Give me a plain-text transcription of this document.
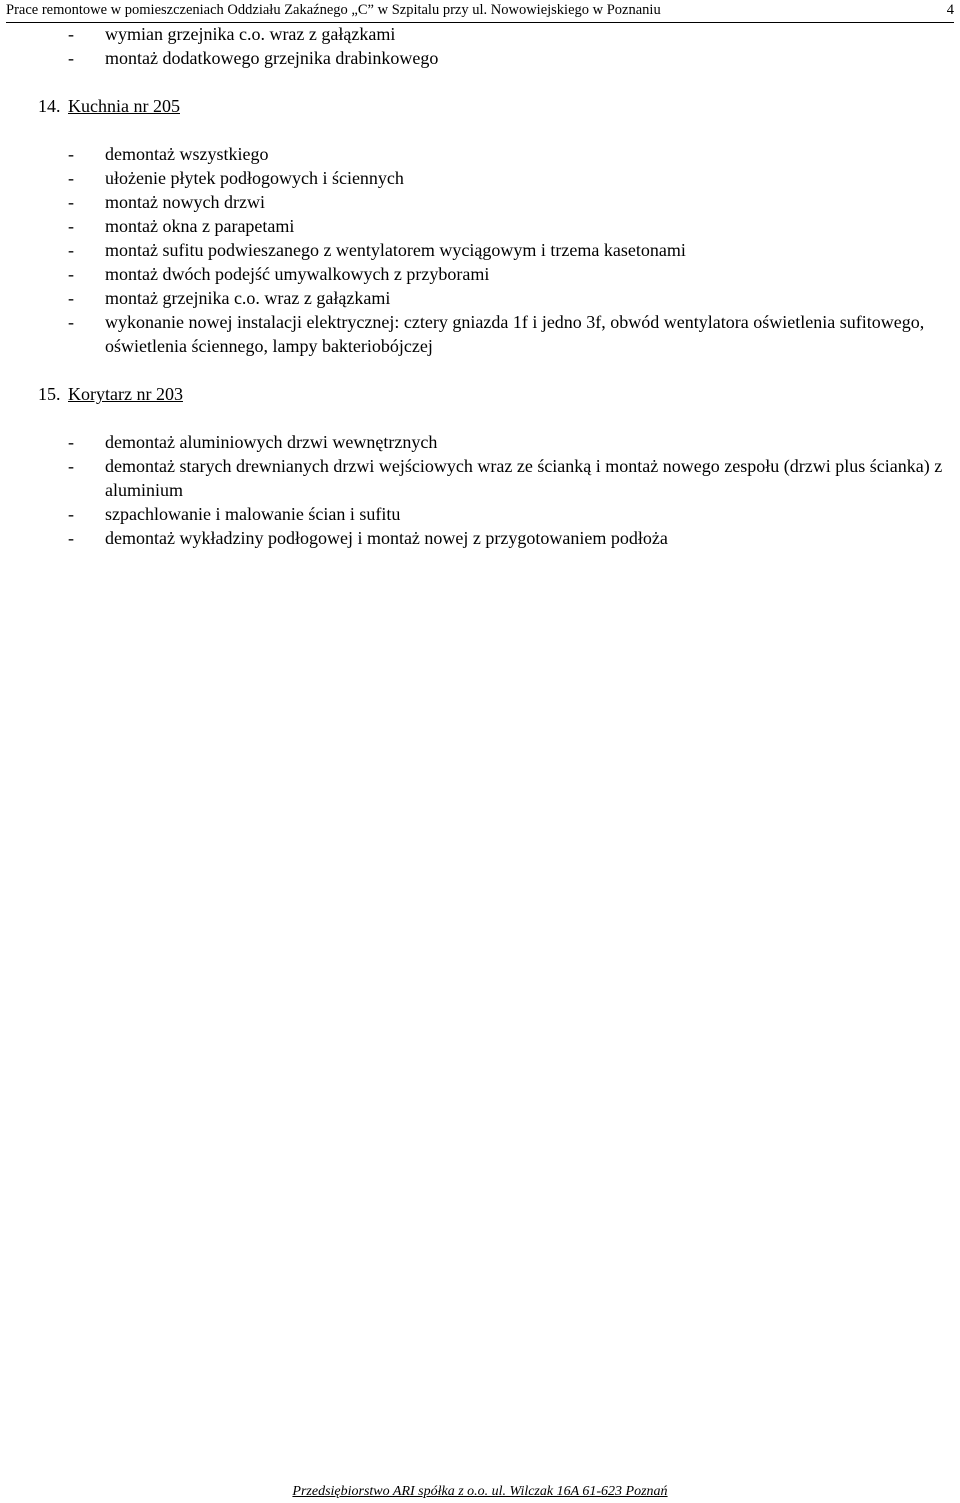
Prace remontowe w pomieszczeniach Oddziału Zakaźnego „C” w Szpitalu przy ul. Nowowiejskiego w Poznaniu	4
- wymian grzejnika c.o. wraz z gałązkami
- montaż dodatkowego grzejnika drabinkowego
14. Kuchnia nr 205
- demontaż wszystkiego
- ułożenie płytek podłogowych i ściennych
- montaż nowych drzwi
- montaż okna z parapetami
- montaż sufitu podwieszanego z wentylatorem wyciągowym i trzema kasetonami
- montaż dwóch podejść umywalkowych z przyborami
- montaż grzejnika c.o. wraz z gałązkami
- wykonanie nowej instalacji elektrycznej: cztery gniazda 1f i jedno 3f, obwód wentylatora oświetlenia sufitowego, oświetlenia ściennego, lampy bakteriobójczej
15. Korytarz nr 203
- demontaż aluminiowych drzwi wewnętrznych
- demontaż starych drewnianych drzwi wejściowych wraz ze ścianką i montaż nowego zespołu (drzwi plus ścianka) z aluminium
- szpachlowanie i malowanie ścian i sufitu
- demontaż wykładziny podłogowej i montaż nowej z przygotowaniem podłoża
Przedsiębiorstwo ARI spółka z o.o. ul. Wilczak 16A 61-623 Poznań
